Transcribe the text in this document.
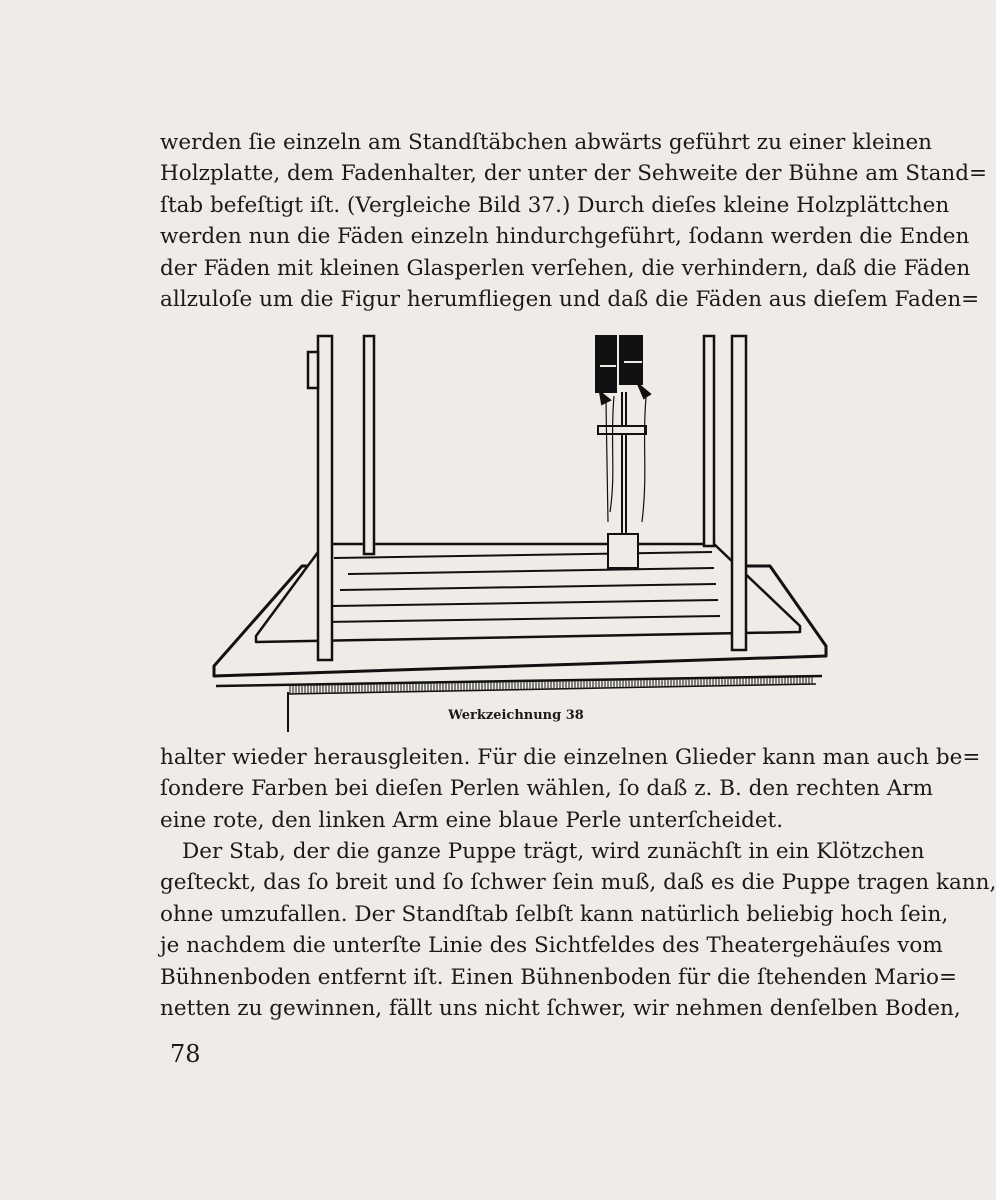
werden ſie einzeln am Standſtäbchen abwärts geführt zu einer kleinen
Holzplatte, dem Fadenhalter, der unter der Sehweite der Bühne am Stand=
ſtab befeſtigt iſt. (Vergleiche Bild 37.) Durch dieſes kleine Holzplättchen
werden nun die Fäden einzeln hindurchgeführt, ſodann werden die Enden
der Fäden mit kleinen Glasperlen verſehen, die verhindern, daß die Fäden
allzuloſe um die Figur herumfliegen und daß die Fäden aus dieſem Faden=

Werkzeichnung 38

halter wieder herausgleiten. Für die einzelnen Glieder kann man auch be=
ſondere Farben bei dieſen Perlen wählen, ſo daß z. B. den rechten Arm
eine rote, den linken Arm eine blaue Perle unterſcheidet.

Der Stab, der die ganze Puppe trägt, wird zunächſt in ein Klötzchen
geſteckt, das ſo breit und ſo ſchwer ſein muß, daß es die Puppe tragen kann,
ohne umzufallen. Der Standſtab ſelbſt kann natürlich beliebig hoch ſein,
je nachdem die unterſte Linie des Sichtfeldes des Theatergehäuſes vom
Bühnenboden entfernt iſt. Einen Bühnenboden für die ſtehenden Mario=
netten zu gewinnen, fällt uns nicht ſchwer, wir nehmen denſelben Boden,

78
